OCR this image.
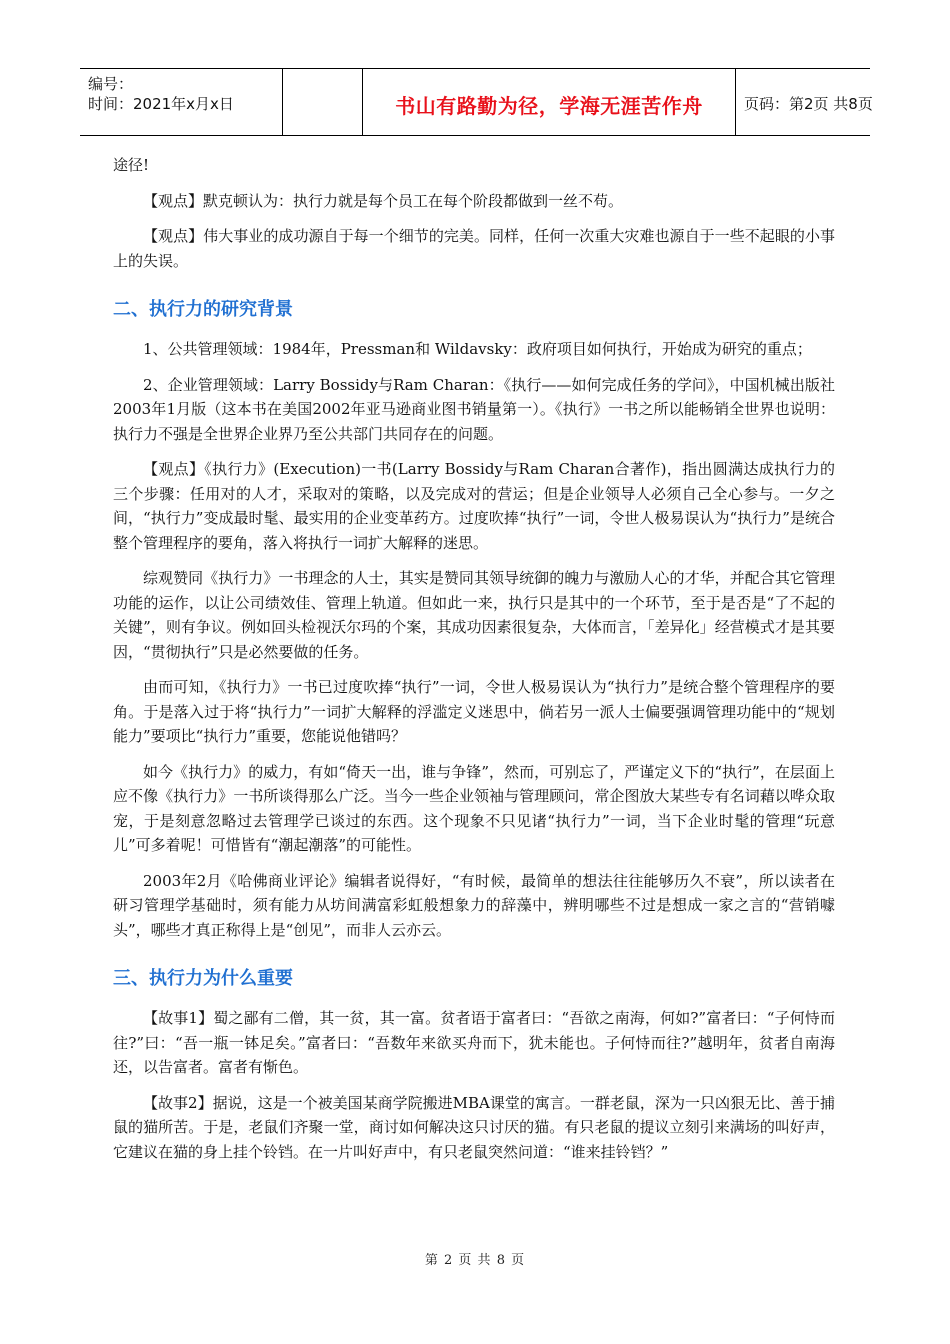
编号：
时间：2021年x月x日	书山有路勤为径，学海无涯苦作舟	页码：第2页 共8页

途径!

【观点】默克顿认为：执行力就是每个员工在每个阶段都做到一丝不苟。

【观点】伟大事业的成功源自于每一个细节的完美。同样，任何一次重大灾难也源自于一些不起眼的小事上的失误。

二、执行力的研究背景

1、公共管理领域：1984年，Pressman和 Wildavsky：政府项目如何执行，开始成为研究的重点；

2、企业管理领域：Larry Bossidy与Ram Charan：《执行——如何完成任务的学问》，中国机械出版社2003年1月版（这本书在美国2002年亚马逊商业图书销量第一）。《执行》一书之所以能畅销全世界也说明：执行力不强是全世界企业界乃至公共部门共同存在的问题。

【观点】《执行力》(Execution)一书(Larry Bossidy与Ram Charan合著作)，指出圆满达成执行力的三个步骤：任用对的人才，采取对的策略，以及完成对的营运；但是企业领导人必须自己全心参与。一夕之间，“执行力”变成最时髦、最实用的企业变革药方。过度吹捧“执行”一词，令世人极易误认为“执行力”是统合整个管理程序的要角，落入将执行一词扩大解释的迷思。

综观赞同《执行力》一书理念的人士，其实是赞同其领导统御的魄力与激励人心的才华，并配合其它管理功能的运作，以让公司绩效佳、管理上轨道。但如此一来，执行只是其中的一个环节，至于是否是“了不起的关键”，则有争议。例如回头检视沃尔玛的个案，其成功因素很复杂，大体而言，「差异化」经营模式才是其要因，“贯彻执行”只是必然要做的任务。

由而可知，《执行力》一书已过度吹捧“执行”一词，令世人极易误认为“执行力”是统合整个管理程序的要角。于是落入过于将“执行力”一词扩大解释的浮滥定义迷思中，倘若另一派人士偏要强调管理功能中的“规划能力”要项比“执行力”重要，您能说他错吗？

如今《执行力》的威力，有如“倚天一出，谁与争锋”，然而，可别忘了，严谨定义下的“执行”，在层面上应不像《执行力》一书所谈得那么广泛。当今一些企业领袖与管理顾问，常企图放大某些专有名词藉以哗众取宠，于是刻意忽略过去管理学已谈过的东西。这个现象不只见诸“执行力”一词，当下企业时髦的管理“玩意儿”可多着呢！可惜皆有“潮起潮落”的可能性。

2003年2月《哈佛商业评论》编辑者说得好，“有时候，最简单的想法往往能够历久不衰”，所以读者在研习管理学基础时，须有能力从坊间满富彩虹般想象力的辞藻中，辨明哪些不过是想成一家之言的“营销噱头”，哪些才真正称得上是“创见”，而非人云亦云。

三、执行力为什么重要

【故事1】蜀之鄙有二僧，其一贫，其一富。贫者语于富者曰：“吾欲之南海，何如?”富者曰：“子何恃而往?”曰：“吾一瓶一钵足矣。”富者曰：“吾数年来欲买舟而下，犹未能也。子何恃而往?”越明年，贫者自南海还，以告富者。富者有惭色。

【故事2】据说，这是一个被美国某商学院搬进MBA课堂的寓言。一群老鼠，深为一只凶狠无比、善于捕鼠的猫所苦。于是，老鼠们齐聚一堂，商讨如何解决这只讨厌的猫。有只老鼠的提议立刻引来满场的叫好声，它建议在猫的身上挂个铃铛。在一片叫好声中，有只老鼠突然问道：“谁来挂铃铛？”

第 2 页 共 8 页
